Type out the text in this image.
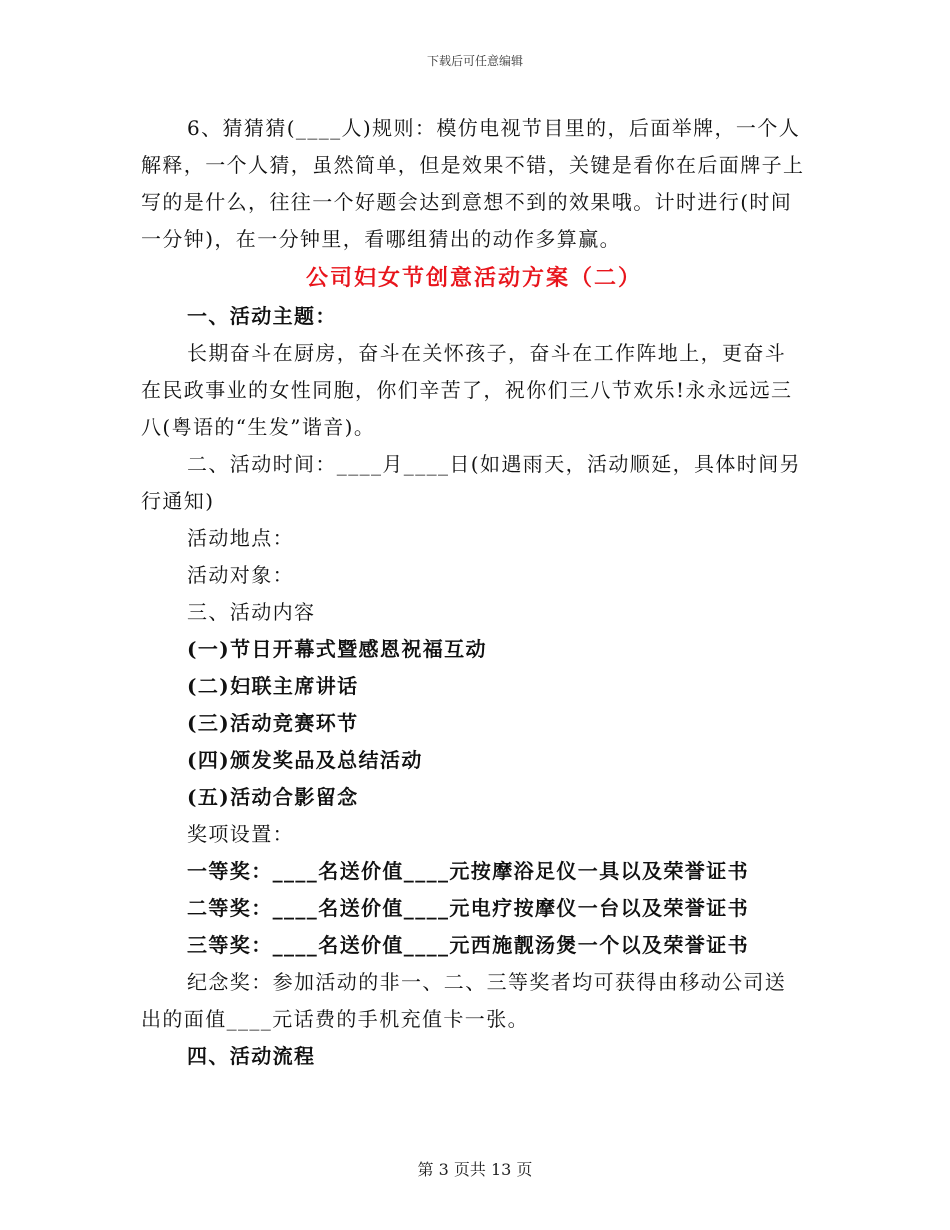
下载后可任意编辑

6、猜猜猜(____人)规则：模仿电视节目里的，后面举牌，一个人解释，一个人猜，虽然简单，但是效果不错，关键是看你在后面牌子上写的是什么，往往一个好题会达到意想不到的效果哦。计时进行(时间一分钟)，在一分钟里，看哪组猜出的动作多算赢。

公司妇女节创意活动方案（二）

一、活动主题：

长期奋斗在厨房，奋斗在关怀孩子，奋斗在工作阵地上，更奋斗在民政事业的女性同胞，你们辛苦了，祝你们三八节欢乐!永永远远三八(粤语的“生发”谐音)。

二、活动时间：____月____日(如遇雨天，活动顺延，具体时间另行通知)

活动地点：

活动对象：

三、活动内容

(一)节日开幕式暨感恩祝福互动

(二)妇联主席讲话

(三)活动竞赛环节

(四)颁发奖品及总结活动

(五)活动合影留念

奖项设置：

一等奖：____名送价值____元按摩浴足仪一具以及荣誉证书

二等奖：____名送价值____元电疗按摩仪一台以及荣誉证书

三等奖：____名送价值____元西施靓汤煲一个以及荣誉证书

纪念奖：参加活动的非一、二、三等奖者均可获得由移动公司送出的面值____元话费的手机充值卡一张。

四、活动流程

第 3 页共 13 页
